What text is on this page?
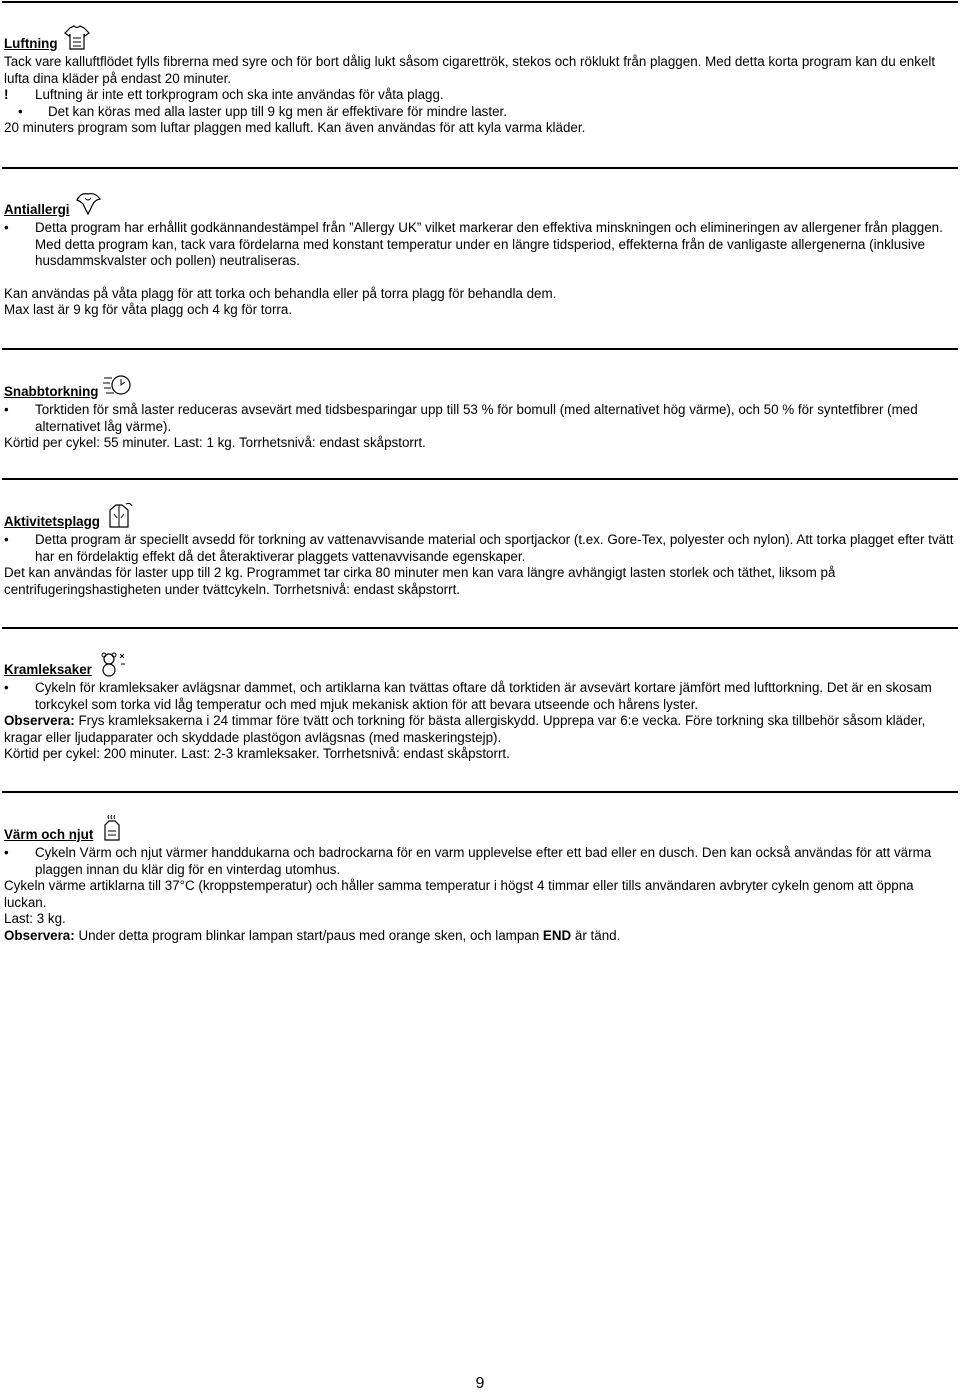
Luftning

Tack vare kalluftflödet fylls fibrerna med syre och för bort dålig lukt såsom cigarettrök, stekos och röklukt från plaggen. Med detta korta program kan du enkelt lufta dina kläder på endast 20 minuter.

! Luftning är inte ett torkprogram och ska inte användas för våta plagg.

• Det kan köras med alla laster upp till 9 kg men är effektivare för mindre laster.

20 minuters program som luftar plaggen med kalluft. Kan även användas för att kyla varma kläder.

Antiallergi
• Detta program har erhållit godkännandestämpel från ”Allergy UK” vilket markerar den effektiva minskningen och elimineringen av allergener från plaggen. Med detta program kan, tack vara fördelarna med konstant temperatur under en längre tidsperiod, effekterna från de vanligaste allergenerna (inklusive husdammskvalster och pollen) neutraliseras.

Kan användas på våta plagg för att torka och behandla eller på torra plagg för behandla dem.

Max last är 9 kg för våta plagg och 4 kg för torra.

Snabbtorkning
• Torktiden för små laster reduceras avsevärt med tidsbesparingar upp till 53 % för bomull (med alternativet hög värme), och 50 % för syntetfibrer (med alternativet låg värme).

Körtid per cykel: 55 minuter. Last: 1 kg. Torrhetsnivå: endast skåpstorrt.

Aktivitetsplagg
• Detta program är speciellt avsedd för torkning av vattenavvisande material och sportjackor (t.ex. Gore-Tex, polyester och nylon). Att torka plagget efter tvätt har en fördelaktig effekt då det återaktiverar plaggets vattenavvisande egenskaper.

Det kan användas för laster upp till 2 kg. Programmet tar cirka 80 minuter men kan vara längre avhängigt lasten storlek och täthet, liksom på centrifugeringshastigheten under tvättcykeln. Torrhetsnivå: endast skåpstorrt.

Kramleksaker
• Cykeln för kramleksaker avlägsnar dammet, och artiklarna kan tvättas oftare då torktiden är avsevärt kortare jämfört med lufttorkning. Det är en skosam torkcykel som torka vid låg temperatur och med mjuk mekanisk aktion för att bevara utseende och hårens lyster.

Observera: Frys kramleksakerna i 24 timmar före tvätt och torkning för bästa allergiskydd. Upprepa var 6:e vecka. Före torkning ska tillbehör såsom kläder, kragar eller ljudapparater och skyddade plastögon avlägsnas (med maskeringstejp).

Körtid per cykel: 200 minuter. Last: 2-3 kramleksaker. Torrhetsnivå: endast skåpstorrt.

Värm och njut
• Cykeln Värm och njut värmer handdukarna och badrockarna för en varm upplevelse efter ett bad eller en dusch. Den kan också användas för att värma plaggen innan du klär dig för en vinterdag utomhus.

Cykeln värme artiklarna till 37°C (kroppstemperatur) och håller samma temperatur i högst 4 timmar eller tills användaren avbryter cykeln genom att öppna luckan.

Last: 3 kg.

Observera: Under detta program blinkar lampan start/paus med orange sken, och lampan END är tänd.

9
